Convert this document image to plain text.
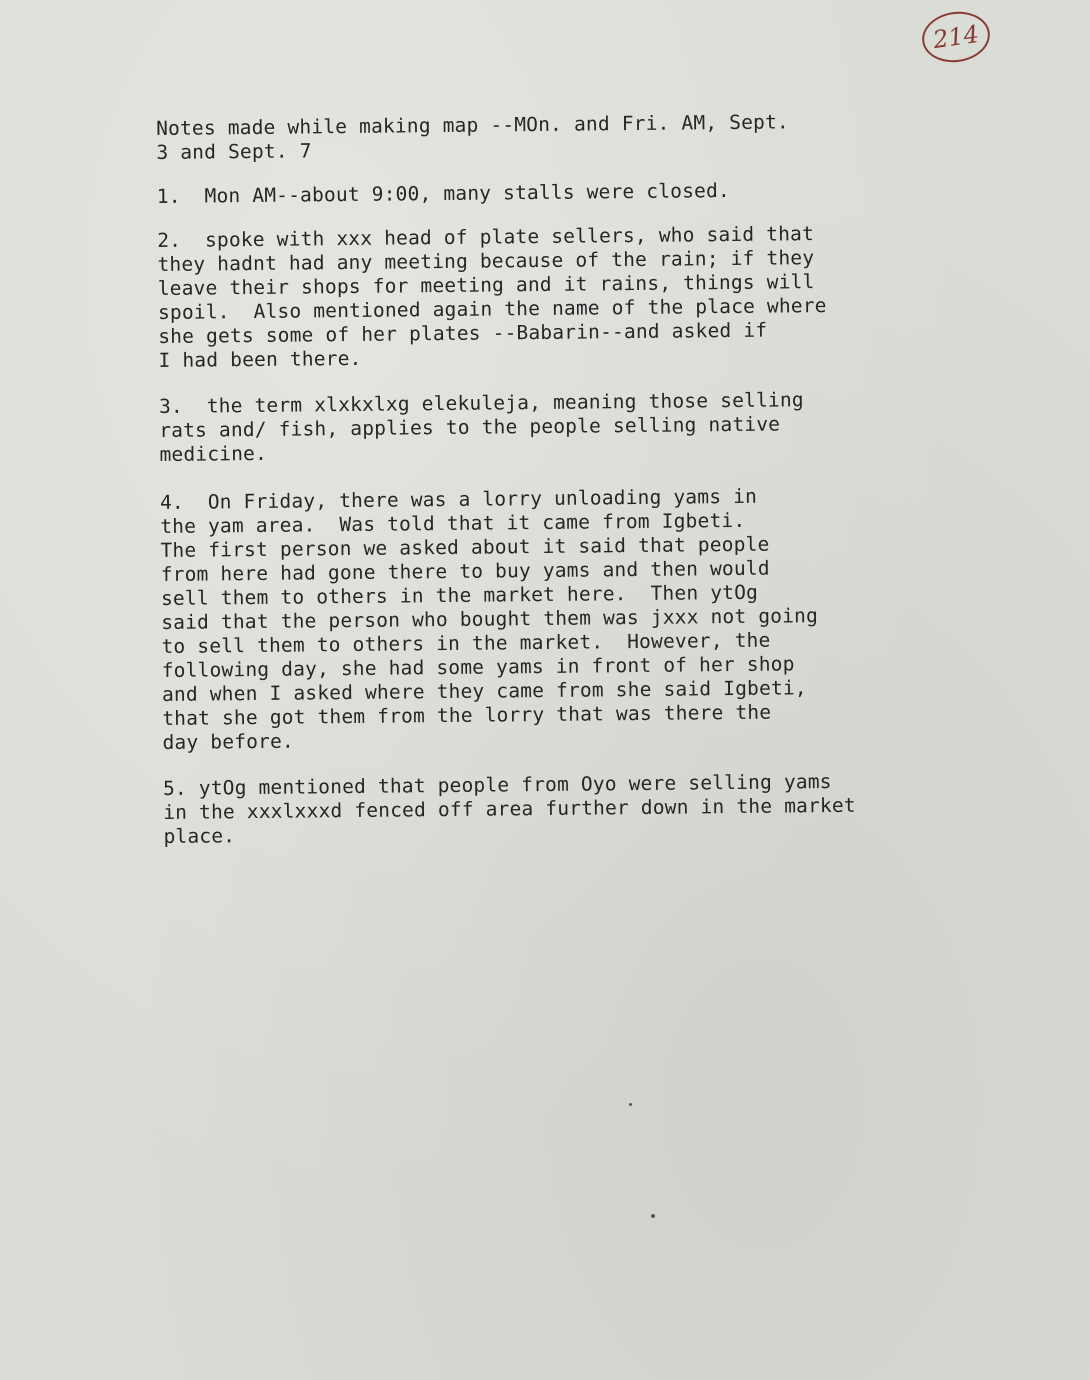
214
Notes made while making map --MOn. and Fri. AM, Sept.
3 and Sept. 7
1.  Mon AM--about 9:00, many stalls were closed.
2.  spoke with xxx head of plate sellers, who said that
they hadnt had any meeting because of the rain; if they
leave their shops for meeting and it rains, things will
spoil.  Also mentioned again the name of the place where
she gets some of her plates --Babarin--and asked if
I had been there.
3.  the term xlxkxlxg elekuleja, meaning those selling
rats and/ fish, applies to the people selling native
medicine.
4.  On Friday, there was a lorry unloading yams in
the yam area.  Was told that it came from Igbeti.
The first person we asked about it said that people
from here had gone there to buy yams and then would
sell them to others in the market here.  Then ytOg
said that the person who bought them was jxxx not going
to sell them to others in the market.  However, the
following day, she had some yams in front of her shop
and when I asked where they came from she said Igbeti,
that she got them from the lorry that was there the
day before.
5. ytOg mentioned that people from Oyo were selling yams
in the xxxlxxxd fenced off area further down in the market
place.
